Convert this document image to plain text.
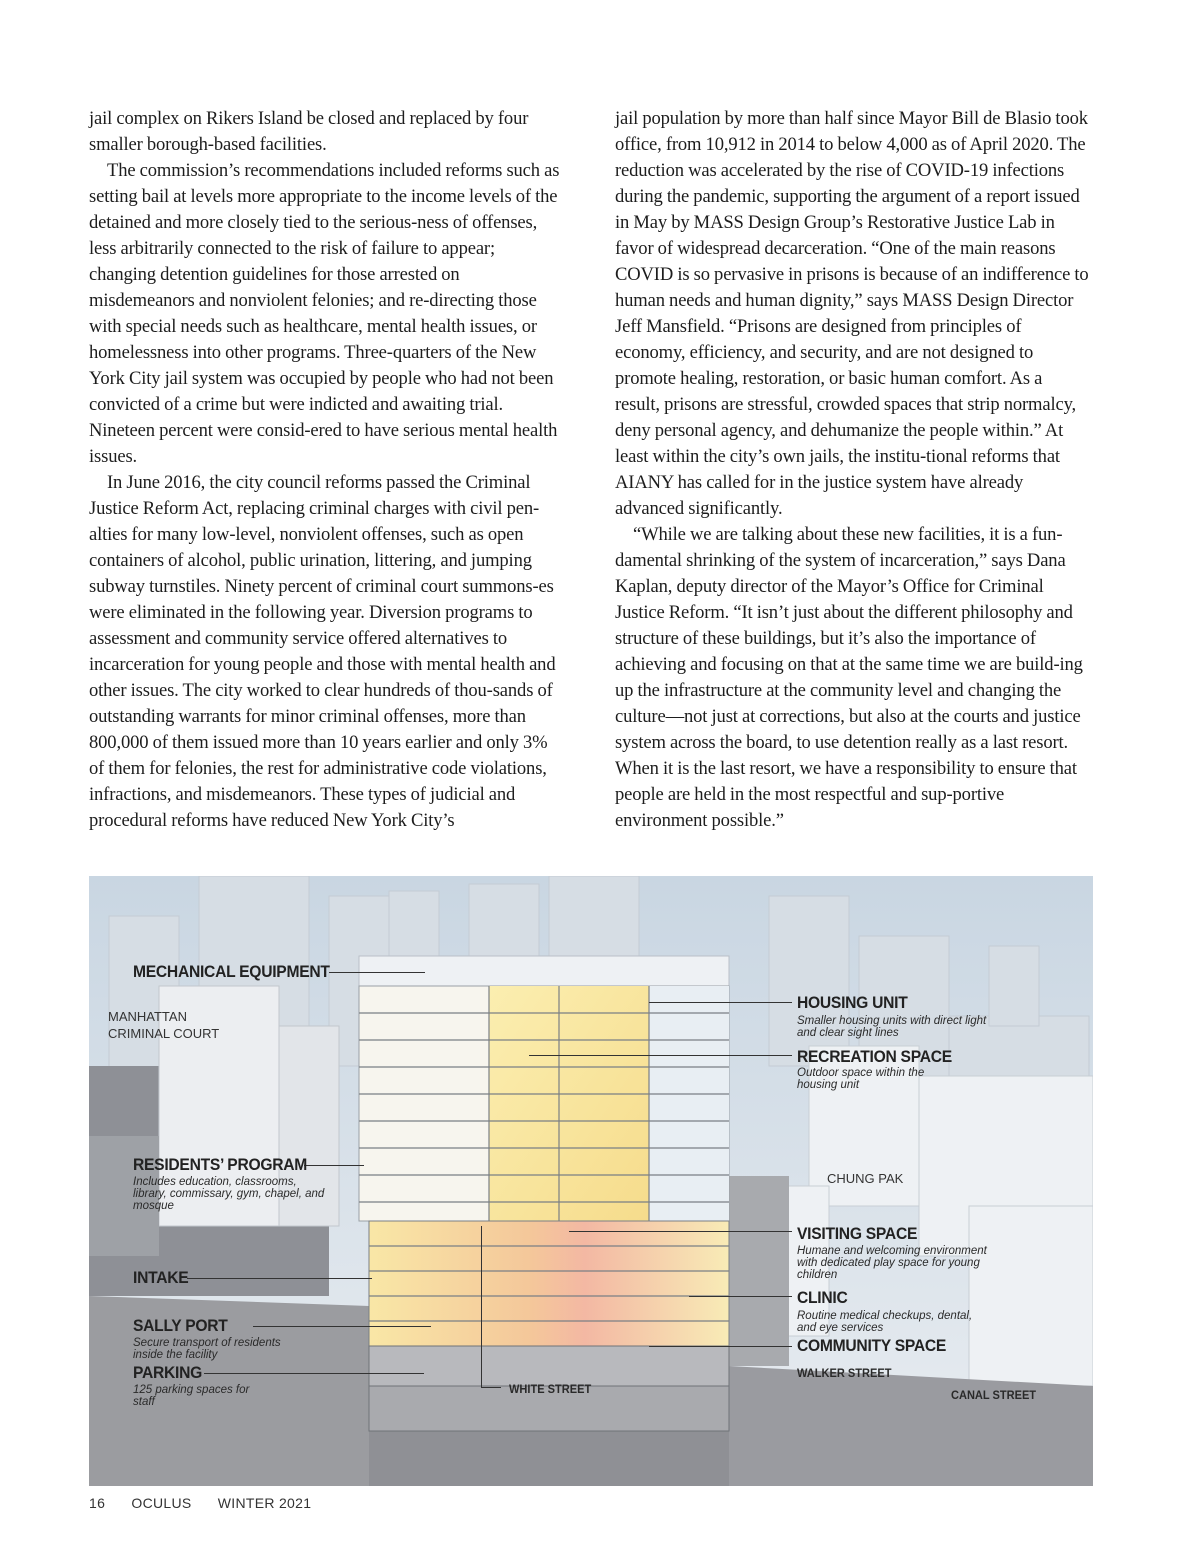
jail complex on Rikers Island be closed and replaced by four smaller borough-based facilities.

The commission’s recommendations included reforms such as setting bail at levels more appropriate to the income levels of the detained and more closely tied to the serious-ness of offenses, less arbitrarily connected to the risk of failure to appear; changing detention guidelines for those arrested on misdemeanors and nonviolent felonies; and re-directing those with special needs such as healthcare, mental health issues, or homelessness into other programs. Three-quarters of the New York City jail system was occupied by people who had not been convicted of a crime but were indicted and awaiting trial. Nineteen percent were consid-ered to have serious mental health issues.

In June 2016, the city council reforms passed the Criminal Justice Reform Act, replacing criminal charges with civil pen-alties for many low-level, nonviolent offenses, such as open containers of alcohol, public urination, littering, and jumping subway turnstiles. Ninety percent of criminal court summons-es were eliminated in the following year. Diversion programs to assessment and community service offered alternatives to incarceration for young people and those with mental health and other issues. The city worked to clear hundreds of thou-sands of outstanding warrants for minor criminal offenses, more than 800,000 of them issued more than 10 years earlier and only 3% of them for felonies, the rest for administrative code violations, infractions, and misdemeanors. These types of judicial and procedural reforms have reduced New York City’s

jail population by more than half since Mayor Bill de Blasio took office, from 10,912 in 2014 to below 4,000 as of April 2020. The reduction was accelerated by the rise of COVID-19 infections during the pandemic, supporting the argument of a report issued in May by MASS Design Group’s Restorative Justice Lab in favor of widespread decarceration. “One of the main reasons COVID is so pervasive in prisons is because of an indifference to human needs and human dignity,” says MASS Design Director Jeff Mansfield. “Prisons are designed from principles of economy, efficiency, and security, and are not designed to promote healing, restoration, or basic human comfort. As a result, prisons are stressful, crowded spaces that strip normalcy, deny personal agency, and dehumanize the people within.” At least within the city’s own jails, the institu-tional reforms that AIANY has called for in the justice system have already advanced significantly.

“While we are talking about these new facilities, it is a fun-damental shrinking of the system of incarceration,” says Dana Kaplan, deputy director of the Mayor’s Office for Criminal Justice Reform. “It isn’t just about the different philosophy and structure of these buildings, but it’s also the importance of achieving and focusing on that at the same time we are build-ing up the infrastructure at the community level and changing the culture—not just at corrections, but also at the courts and justice system across the board, to use detention really as a last resort. When it is the last resort, we have a responsibility to ensure that people are held in the most respectful and sup-portive environment possible.”

MECHANICAL EQUIPMENT
MANHATTAN CRIMINAL COURT
HOUSING UNIT
Smaller housing units with direct light and clear sight lines
RECREATION SPACE
Outdoor space within the housing unit
RESIDENTS’ PROGRAM
Includes education, classrooms, library, commissary, gym, chapel, and mosque
CHUNG PAK
VISITING SPACE
Humane and welcoming environment with dedicated play space for young children
INTAKE
CLINIC
Routine medical checkups, dental, and eye services
SALLY PORT
Secure transport of residents inside the facility	COMMUNITY SPACE
PARKING
125 parking spaces for staff
WHITE STREET
WALKER STREET
CANAL STREET
16 OCULUS WINTER 2021
